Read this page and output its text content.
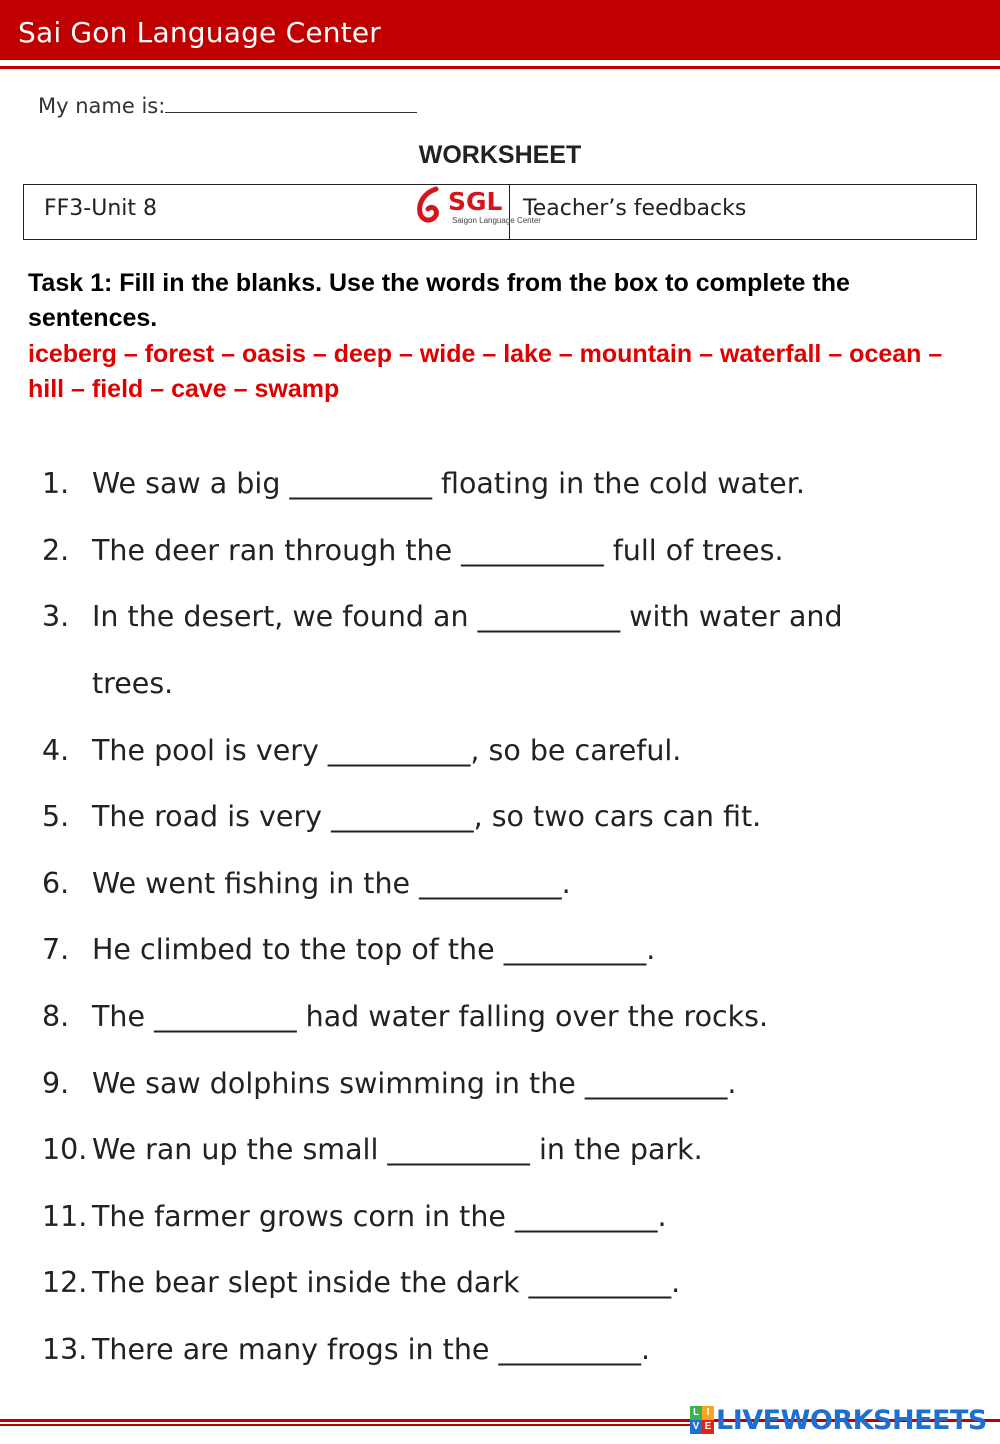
Sai Gon Language Center
My name is:
WORKSHEET
FF3-Unit 8	SGL
Saigon Language Center
Teacher’s feedbacks
Task 1: Fill in the blanks. Use the words from the box to complete the sentences.
iceberg – forest – oasis – deep – wide – lake – mountain – waterfall – ocean – hill – field – cave – swamp
1. We saw a big __________ floating in the cold water.
2. The deer ran through the __________ full of trees.
3. In the desert, we found an __________ with water and
trees.
4. The pool is very __________, so be careful.
5. The road is very __________, so two cars can fit.
6. We went fishing in the __________.
7. He climbed to the top of the __________.
8. The __________ had water falling over the rocks.
9. We saw dolphins swimming in the __________.
10. We ran up the small __________ in the park.
11. The farmer grows corn in the __________.
12. The bear slept inside the dark __________.
13. There are many frogs in the __________.
L I
V E LIVEWORKSHEETS
